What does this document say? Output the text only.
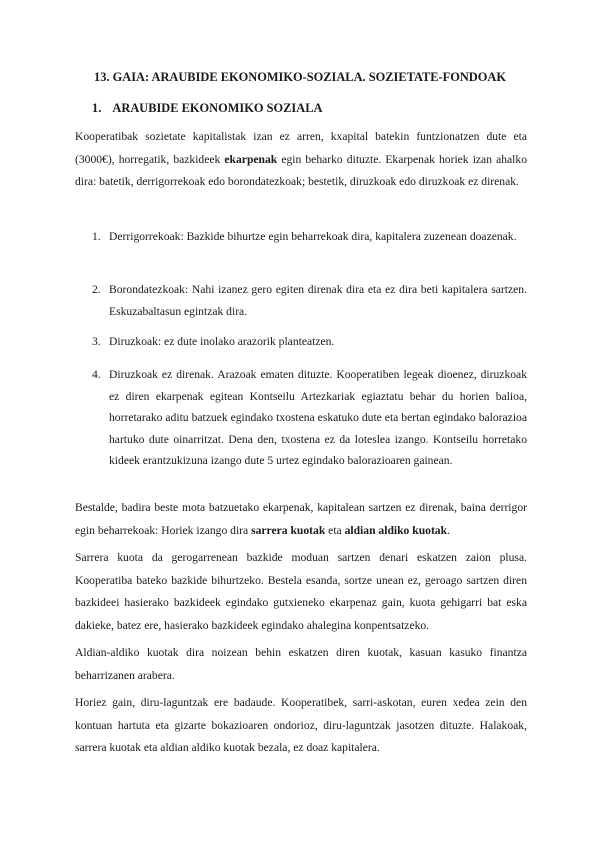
13. GAIA: ARAUBIDE EKONOMIKO-SOZIALA. SOZIETATE-FONDOAK
1. ARAUBIDE EKONOMIKO SOZIALA
Kooperatibak sozietate kapitalistak izan ez arren, kxapital batekin funtzionatzen dute eta (3000€), horregatik, bazkideek ekarpenak egin beharko dituzte. Ekarpenak horiek izan ahalko dira: batetik, derrigorrekoak edo borondatezkoak; bestetik, diruzkoak edo diruzkoak ez direnak.
1. Derrigorrekoak: Bazkide bihurtze egin beharrekoak dira, kapitalera zuzenean doazenak.
2. Borondatezkoak: Nahi izanez gero egiten direnak dira eta ez dira beti kapitalera sartzen. Eskuzabaltasun egintzak dira.
3. Diruzkoak: ez dute inolako arazorik planteatzen.
4. Diruzkoak ez direnak. Arazoak ematen dituzte. Kooperatiben legeak dioenez, diruzkoak ez diren ekarpenak egitean Kontseilu Artezkariak egiaztatu behar du horien balioa, horretarako aditu batzuek egindako txostena eskatuko dute eta bertan egindako balorazioa hartuko dute oinarritzat. Dena den, txostena ez da loteslea izango. Kontseilu horretako kideek erantzukizuna izango dute 5 urtez egindako balorazioaren gainean.
Bestalde, badira beste mota batzuetako ekarpenak, kapitalean sartzen ez direnak, baina derrigor egin beharrekoak: Horiek izango dira sarrera kuotak eta aldian aldiko kuotak.
Sarrera kuota da gerogarrenean bazkide moduan sartzen denari eskatzen zaion plusa. Kooperatiba bateko bazkide bihurtzeko. Bestela esanda, sortze unean ez, geroago sartzen diren bazkideei hasierako bazkideek egindako gutxieneko ekarpenaz gain, kuota gehigarri bat eska dakieke, batez ere, hasierako bazkideek egindako ahalegina konpentsatzeko.
Aldian-aldiko kuotak dira noizean behin eskatzen diren kuotak, kasuan kasuko finantza beharrizanen arabera.
Horiez gain, diru-laguntzak ere badaude. Kooperatibek, sarri-askotan, euren xedea zein den kontuan hartuta eta gizarte bokazioaren ondorioz, diru-laguntzak jasotzen dituzte. Halakoak, sarrera kuotak eta aldian aldiko kuotak bezala, ez doaz kapitalera.
